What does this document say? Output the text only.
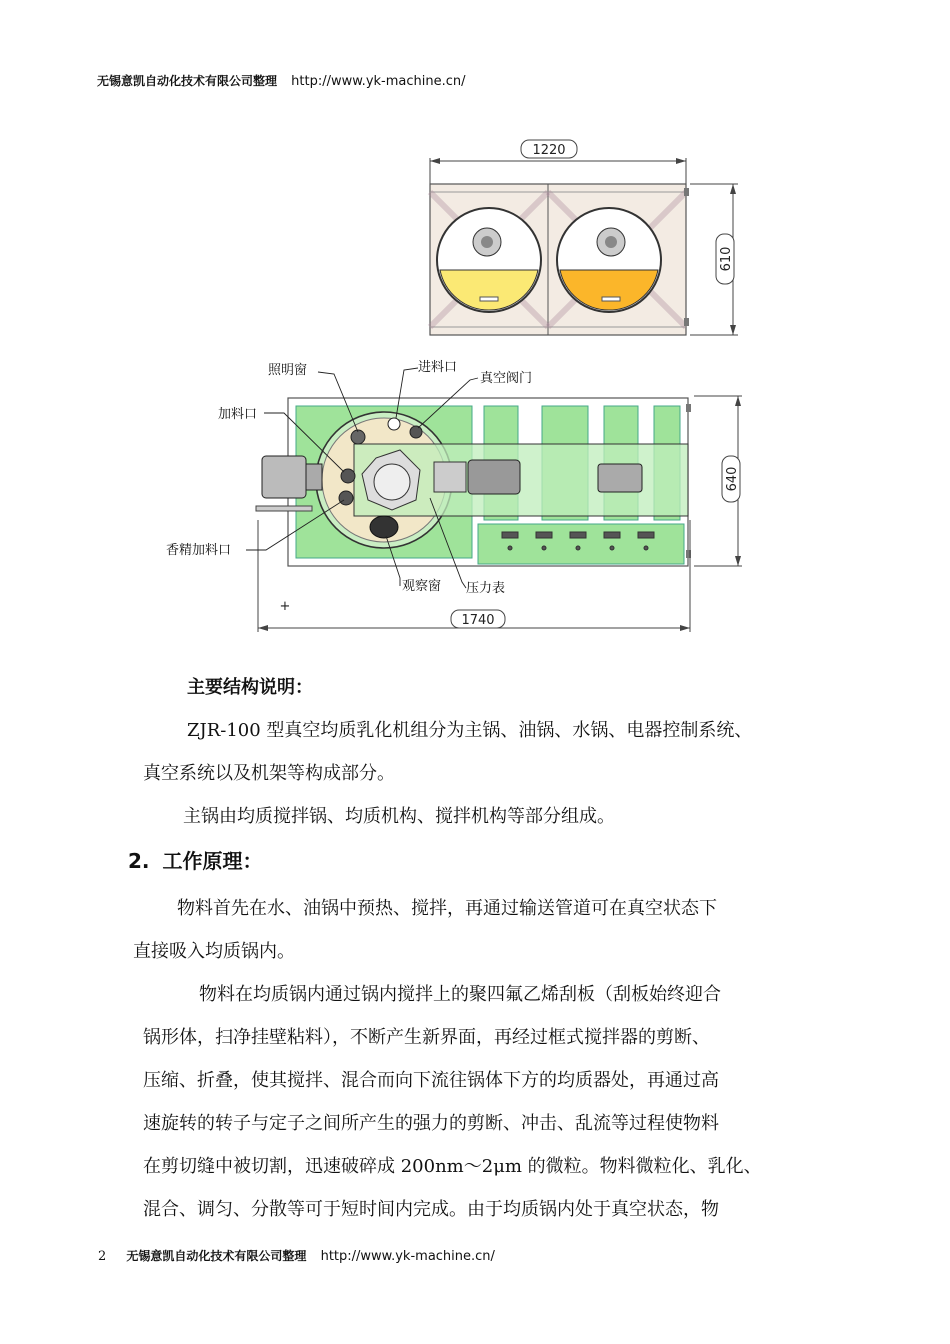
无锡意凯自动化技术有限公司整理 http://www.yk-machine.cn/
1220
610
1740
640
+
照明窗	进料口
真空阀门
加料口
香精加料口
观察窗 压力表
主要结构说明：
ZJR-100 型真空均质乳化机组分为主锅、油锅、水锅、电器控制系统、
真空系统以及机架等构成部分。
主锅由均质搅拌锅、均质机构、搅拌机构等部分组成。
2. 工作原理：
物料首先在水、油锅中预热、搅拌，再通过输送管道可在真空状态下
直接吸入均质锅内。
物料在均质锅内通过锅内搅拌上的聚四氟乙烯刮板（刮板始终迎合
锅形体，扫净挂壁粘料），不断产生新界面，再经过框式搅拌器的剪断、
压缩、折叠，使其搅拌、混合而向下流往锅体下方的均质器处，再通过高
速旋转的转子与定子之间所产生的强力的剪断、冲击、乱流等过程使物料
在剪切缝中被切割，迅速破碎成 200nm～2μm 的微粒。物料微粒化、乳化、
混合、调匀、分散等可于短时间内完成。由于均质锅内处于真空状态，物
2 无锡意凯自动化技术有限公司整理 http://www.yk-machine.cn/
